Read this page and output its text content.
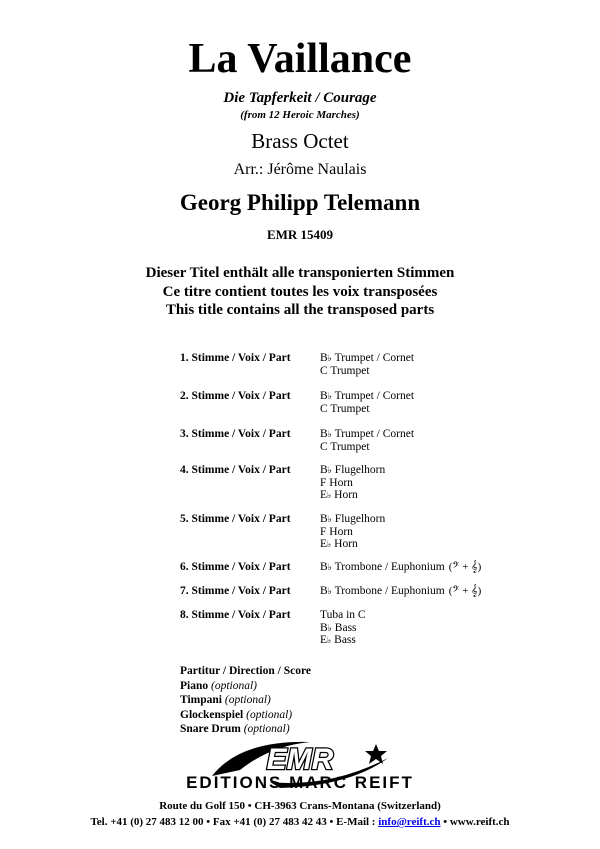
La Vaillance
Die Tapferkeit / Courage
(from 12 Heroic Marches)
Brass Octet
Arr.: Jérôme Naulais
Georg Philipp Telemann
EMR 15409
Dieser Titel enthält alle transponierten Stimmen
Ce titre contient toutes les voix transposées
This title contains all the transposed parts
1. Stimme / Voix / Part	B♭ Trumpet / Cornet
C Trumpet
2. Stimme / Voix / Part	B♭ Trumpet / Cornet
C Trumpet
3. Stimme / Voix / Part	B♭ Trumpet / Cornet
C Trumpet
4. Stimme / Voix / Part	B♭ Flugelhorn
F Horn
E♭ Horn
5. Stimme / Voix / Part	B♭ Flugelhorn
F Horn
E♭ Horn
6. Stimme / Voix / Part	B♭ Trombone / Euphonium (𝄢 + 𝄞)
7. Stimme / Voix / Part	B♭ Trombone / Euphonium (𝄢 + 𝄞)
8. Stimme / Voix / Part	Tuba in C
B♭ Bass
E♭ Bass
Partitur / Direction / Score
Piano (optional)
Timpani (optional)
Glockenspiel (optional)
Snare Drum (optional)
EMR
EDITIONS MARC REIFT
Route du Golf 150 • CH-3963 Crans-Montana (Switzerland)
Tel. +41 (0) 27 483 12 00 • Fax +41 (0) 27 483 42 43 • E-Mail : info@reift.ch • www.reift.ch
